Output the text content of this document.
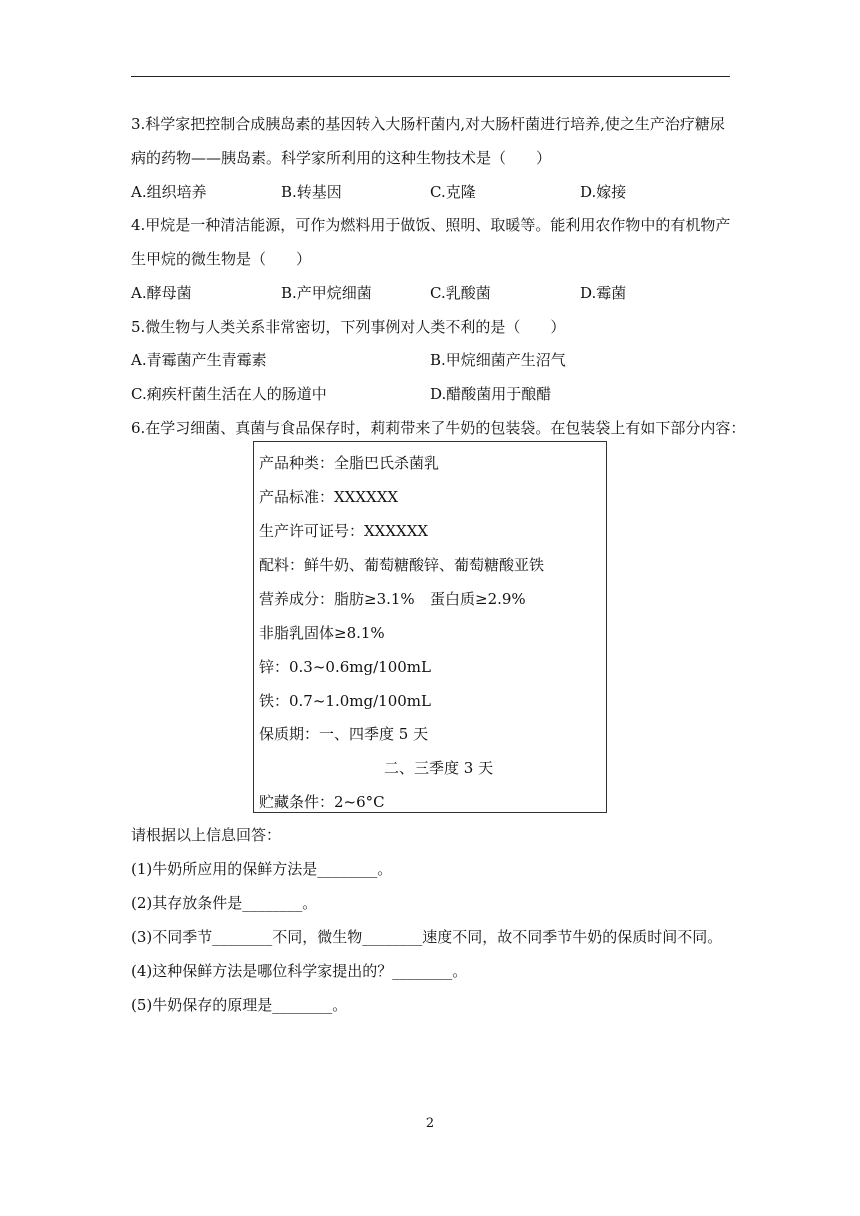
3.科学家把控制合成胰岛素的基因转入大肠杆菌内,对大肠杆菌进行培养,使之生产治疗糖尿
病的药物——胰岛素。科学家所利用的这种生物技术是（　　）
A.组织培养	B.转基因	C.克隆	D.嫁接
4.甲烷是一种清洁能源，可作为燃料用于做饭、照明、取暖等。能利用农作物中的有机物产
生甲烷的微生物是（　　）
A.酵母菌	B.产甲烷细菌	C.乳酸菌	D.霉菌
5.微生物与人类关系非常密切，下列事例对人类不利的是（　　）
A.青霉菌产生青霉素	B.甲烷细菌产生沼气
C.痢疾杆菌生活在人的肠道中	D.醋酸菌用于酿醋
6.在学习细菌、真菌与食品保存时，莉莉带来了牛奶的包装袋。在包装袋上有如下部分内容：
产品种类：全脂巴氏杀菌乳
产品标准：XXXXXX
生产许可证号：XXXXXX
配料：鲜牛奶、葡萄糖酸锌、葡萄糖酸亚铁
营养成分：脂肪≥3.1% 蛋白质≥2.9%
非脂乳固体≥8.1%
锌：0.3~0.6mg/100mL
铁：0.7~1.0mg/100mL
保质期：一、四季度 5 天
二、三季度 3 天
贮藏条件：2~6°C
请根据以上信息回答：
(1)牛奶所应用的保鲜方法是________。
(2)其存放条件是________。
(3)不同季节________不同，微生物________速度不同，故不同季节牛奶的保质时间不同。
(4)这种保鲜方法是哪位科学家提出的？________。
(5)牛奶保存的原理是________。
2
